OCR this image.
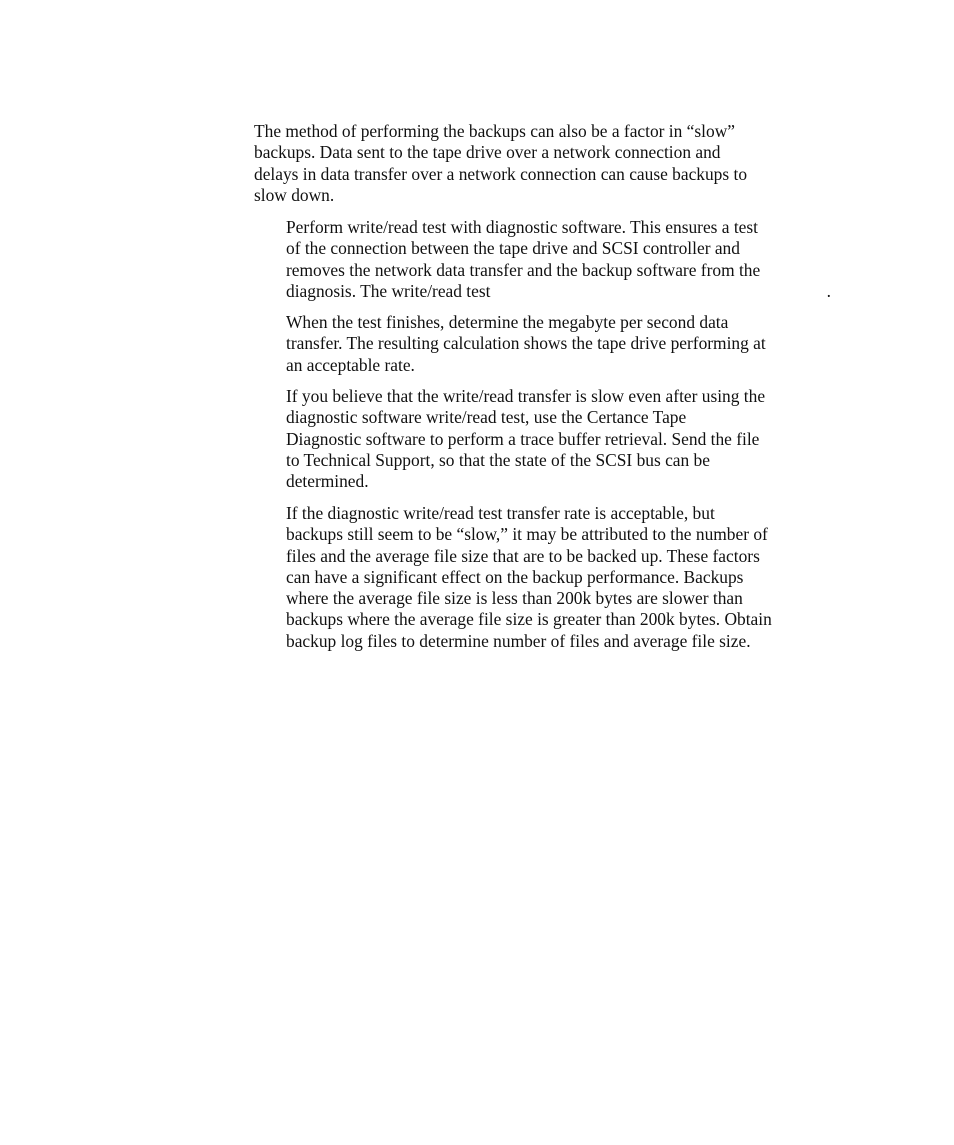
The method of performing the backups can also be a factor in “slow”
backups. Data sent to the tape drive over a network connection and
delays in data transfer over a network connection can cause backups to
slow down.

Perform write/read test with diagnostic software. This ensures a test
of the connection between the tape drive and SCSI controller and
removes the network data transfer and the backup software from the
diagnosis. The write/read test	.

When the test finishes, determine the megabyte per second data
transfer. The resulting calculation shows the tape drive performing at
an acceptable rate.

If you believe that the write/read transfer is slow even after using the
diagnostic software write/read test, use the Certance Tape
Diagnostic software to perform a trace buffer retrieval. Send the file
to Technical Support, so that the state of the SCSI bus can be
determined.

If the diagnostic write/read test transfer rate is acceptable, but
backups still seem to be “slow,” it may be attributed to the number of
files and the average file size that are to be backed up. These factors
can have a significant effect on the backup performance. Backups
where the average file size is less than 200k bytes are slower than
backups where the average file size is greater than 200k bytes. Obtain
backup log files to determine number of files and average file size.
